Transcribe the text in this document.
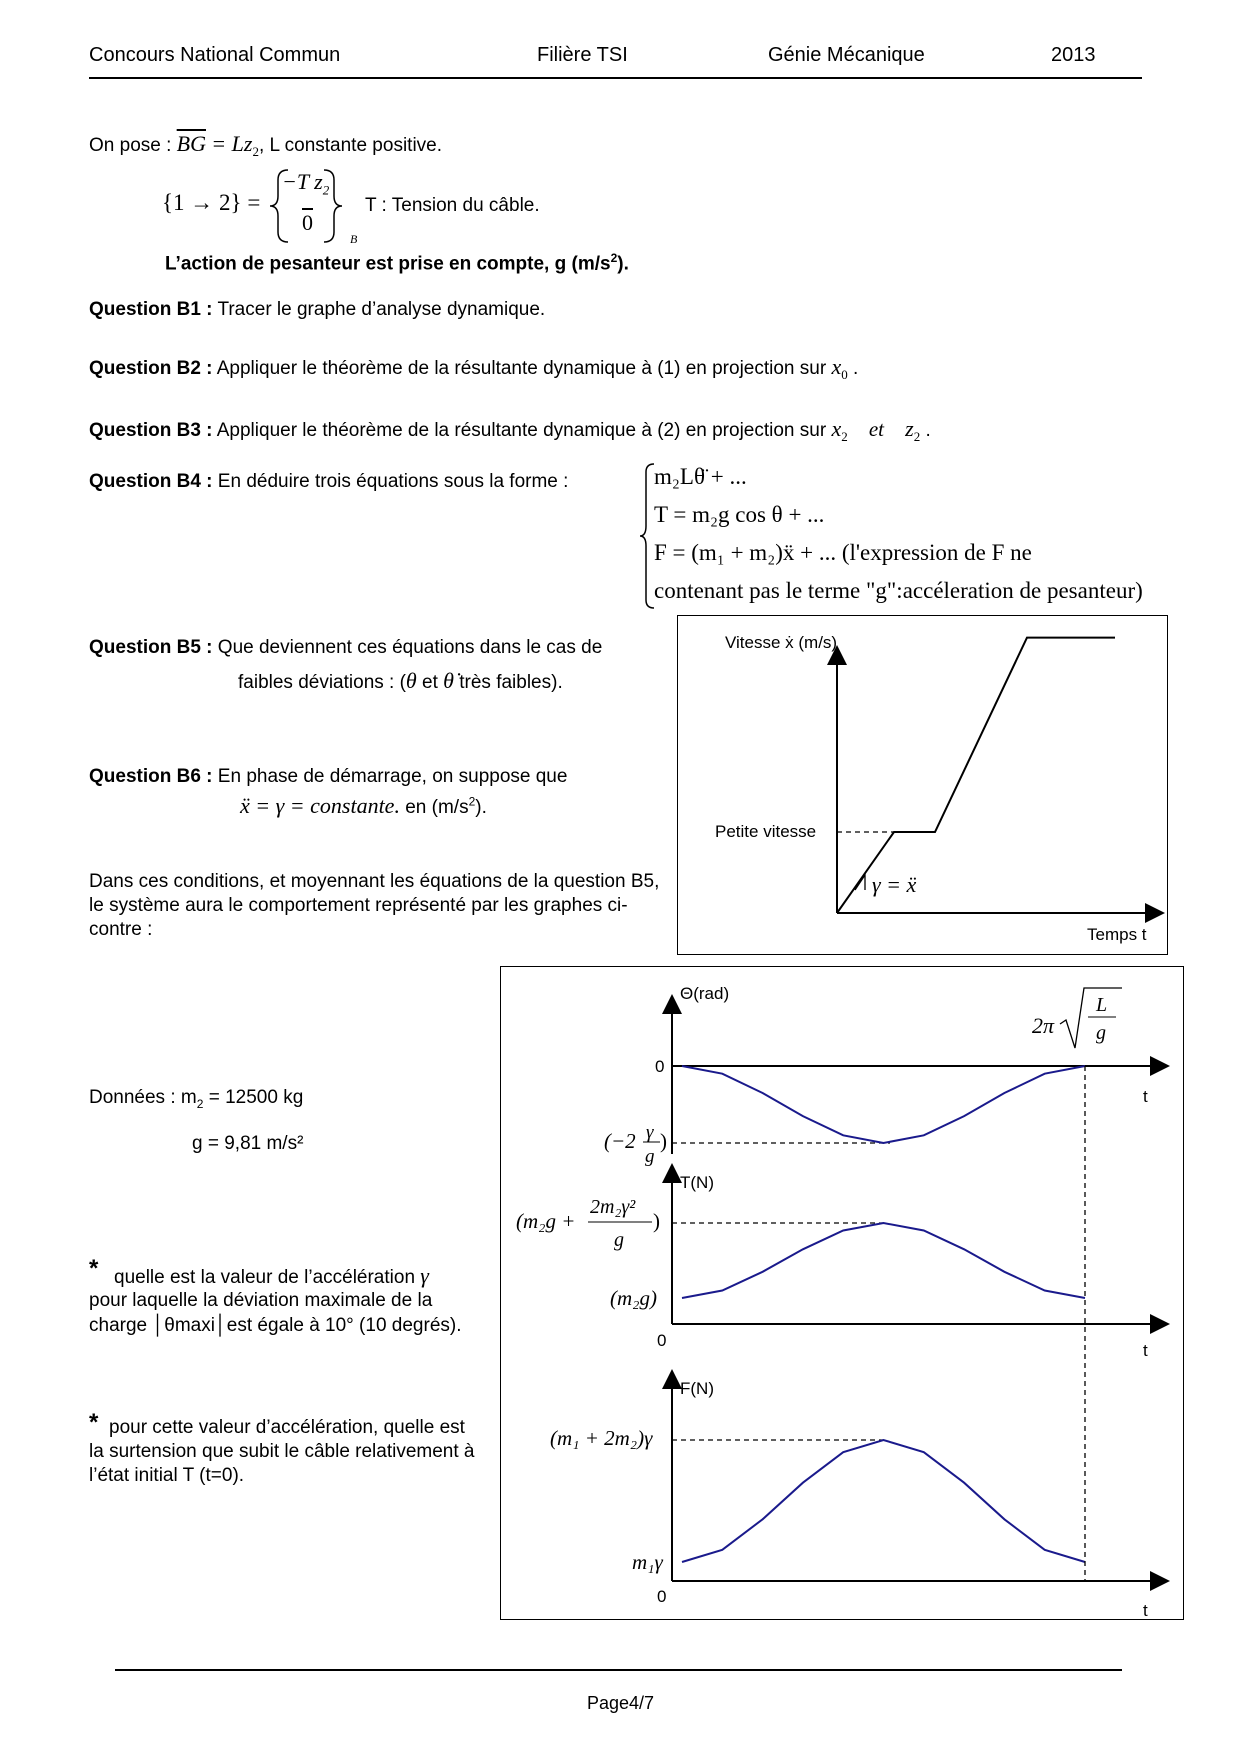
Concours National Commun	Filière TSI	Génie Mécanique	2013
On pose : $\overline{BG} = Lz_2$, L constante positive.
{1 → 2} =
−T $z_2$
0
B
T : Tension du câble.
L’action de pesanteur est prise en compte, g $(m/s^2)$.
Question B1 : Tracer le graphe d’analyse dynamique.
Question B2 : Appliquer le théorème de la résultante dynamique à (1) en projection sur $x_0$ .
Question B3 : Appliquer le théorème de la résultante dynamique à (2) en projection sur $x_2$ et $z_2$ .
Question B4 : En déduire trois équations sous la forme :	m₂Lθ̈ + ...
T = m₂g cos θ + ...
F = (m₁ + m₂)ẍ + ... (l'expression de F ne
contenant pas le terme "g":accéleration de pesanteur)
Question B5 : Que deviennent ces équations dans le cas de
faibles déviations : (θ et θ̇ très faibles).
Question B6 : En phase de démarrage, on suppose que
ẍ = γ = constante. en $(m/s^2)$.
Dans ces conditions, et moyennant les équations de la question B5, le système aura le comportement représenté par les graphes ci-contre :
Vitesse ẋ (m/s)
Temps t
Petite vitesse
γ = ẍ
Données : $m_2 = 12500$ kg
g = 9,81 m/s²
* quelle est la valeur de l’accélération γ
pour laquelle la déviation maximale de la charge │θmaxi│est égale à 10° (10 degrés).
* pour cette valeur d’accélération, quelle est la surtension que subit le câble relativement à l’état initial T (t=0).
Θ(rad)
t
0
(−2 γ
g
)
2π
L
g
T(N)
t
0
(m₂g)
(m₂g +
2m₂γ²
g
)
F(N)
t
0
(m₁ + 2m₂)γ
m₁γ
Page4/7
